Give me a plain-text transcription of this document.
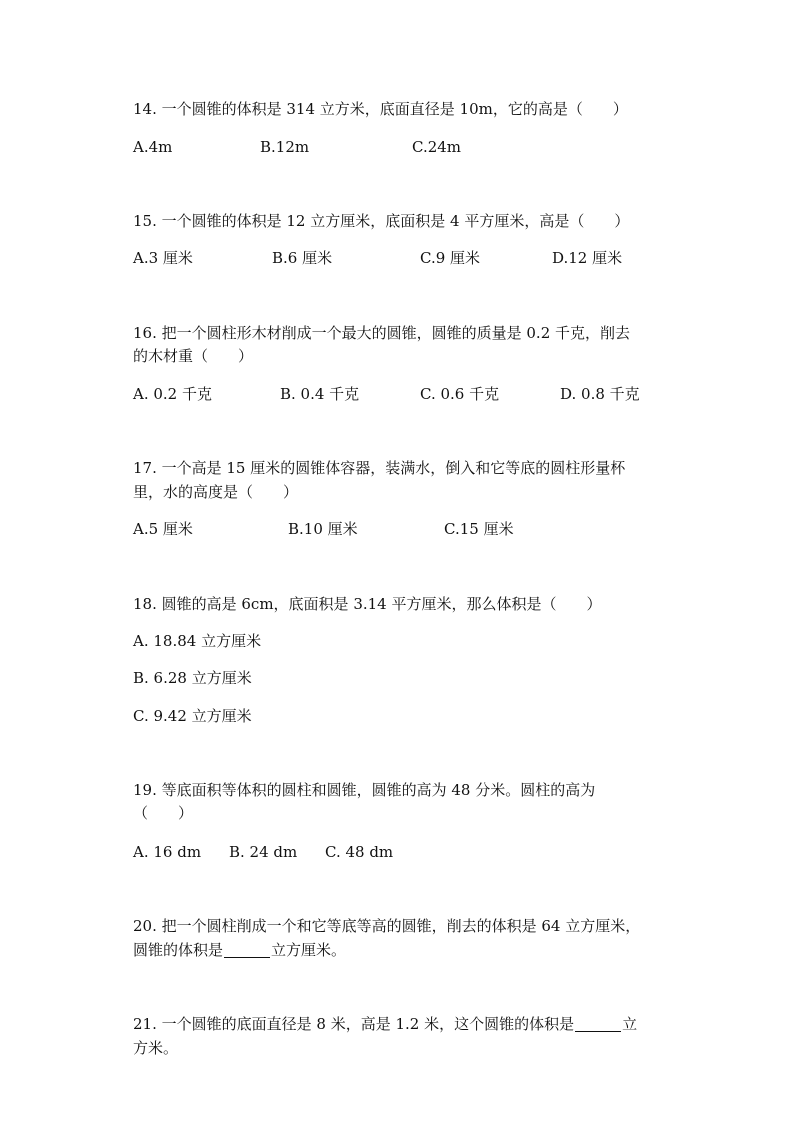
14. 一个圆锥的体积是 314 立方米，底面直径是 10m，它的高是（　　）
A.4m	B.12m	C.24m
15. 一个圆锥的体积是 12 立方厘米，底面积是 4 平方厘米，高是（　　）
A.3 厘米	B.6 厘米	C.9 厘米	D.12 厘米
16. 把一个圆柱形木材削成一个最大的圆锥，圆锥的质量是 0.2 千克，削去
的木材重（　　）
A. 0.2 千克	B. 0.4 千克	C. 0.6 千克	D. 0.8 千克
17. 一个高是 15 厘米的圆锥体容器，装满水，倒入和它等底的圆柱形量杯
里，水的高度是（　　）
A.5 厘米	B.10 厘米	C.15 厘米
18. 圆锥的高是 6cm，底面积是 3.14 平方厘米，那么体积是（　　）
A. 18.84 立方厘米
B. 6.28 立方厘米
C. 9.42 立方厘米
19. 等底面积等体积的圆柱和圆锥，圆锥的高为 48 分米。圆柱的高为
（　　）
A. 16 dm B. 24 dm C. 48 dm
20. 把一个圆柱削成一个和它等底等高的圆锥，削去的体积是 64 立方厘米，
圆锥的体积是	立方厘米。
21. 一个圆锥的底面直径是 8 米，高是 1.2 米，这个圆锥的体积是	立
方米。
